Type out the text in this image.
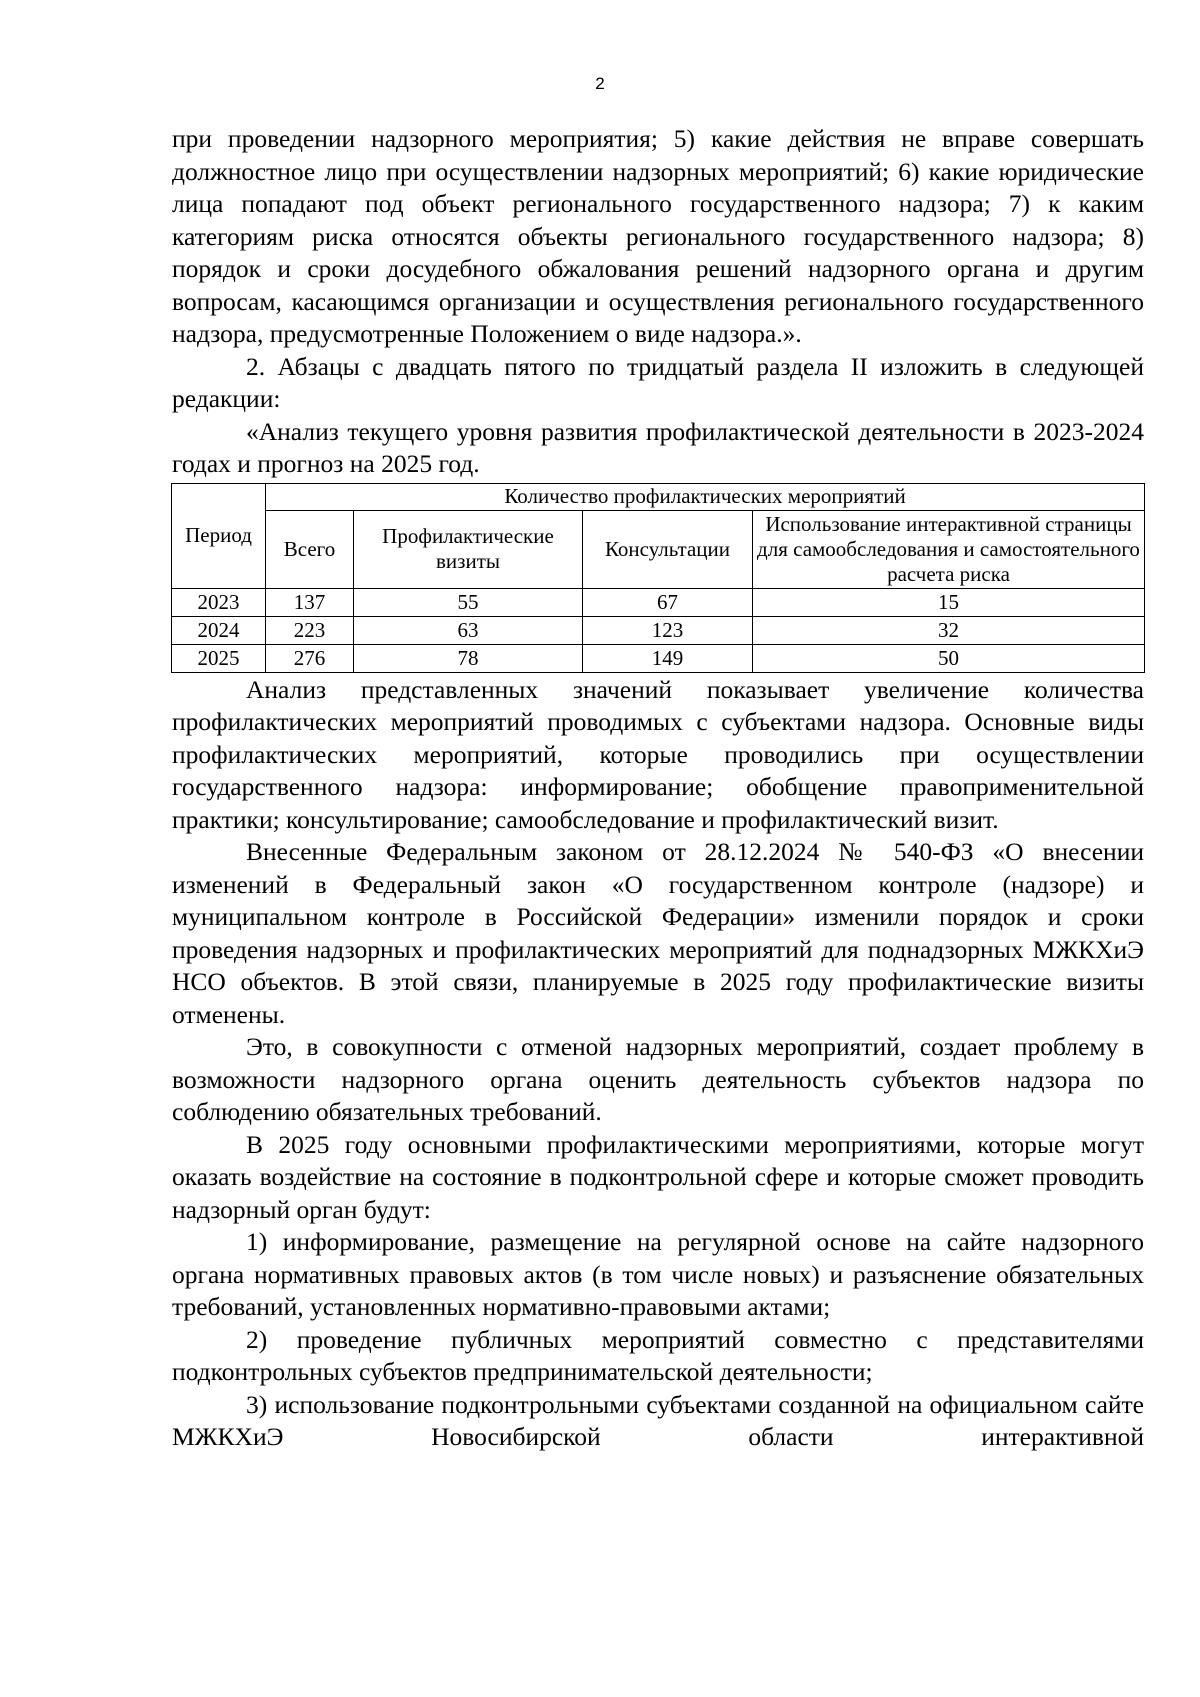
2

при проведении надзорного мероприятия; 5) какие действия не вправе совершать должностное лицо при осуществлении надзорных мероприятий; 6) какие юридические лица попадают под объект регионального государственного надзора; 7) к каким категориям риска относятся объекты регионального государственного надзора; 8) порядок и сроки досудебного обжалования решений надзорного органа и другим вопросам, касающимся организации и осуществления регионального государственного надзора, предусмотренные Положением о виде надзора.».

2. Абзацы с двадцать пятого по тридцатый раздела II изложить в следующей редакции:

«Анализ текущего уровня развития профилактической деятельности в 2023-2024 годах и прогноз на 2025 год.

Период	Количество профилактических мероприятий			
	Всего	Профилактические визиты	Консультации	Использование интерактивной страницы для самообследования и самостоятельного расчета риска
2023	137	55	67	15
2024	223	63	123	32
2025	276	78	149	50

Анализ представленных значений показывает увеличение количества профилактических мероприятий проводимых с субъектами надзора. Основные виды профилактических мероприятий, которые проводились при осуществлении государственного надзора: информирование; обобщение правоприменительной практики; консультирование; самообследование и профилактический визит.

Внесенные Федеральным законом от 28.12.2024 № 540-ФЗ «О внесении изменений в Федеральный закон «О государственном контроле (надзоре) и муниципальном контроле в Российской Федерации» изменили порядок и сроки проведения надзорных и профилактических мероприятий для поднадзорных МЖКХиЭ НСО объектов. В этой связи, планируемые в 2025 году профилактические визиты отменены.

Это, в совокупности с отменой надзорных мероприятий, создает проблему в возможности надзорного органа оценить деятельность субъектов надзора по соблюдению обязательных требований.

В 2025 году основными профилактическими мероприятиями, которые могут оказать воздействие на состояние в подконтрольной сфере и которые сможет проводить надзорный орган будут:

1) информирование, размещение на регулярной основе на сайте надзорного органа нормативных правовых актов (в том числе новых) и разъяснение обязательных требований, установленных нормативно-правовыми актами;

2) проведение публичных мероприятий совместно с представителями подконтрольных субъектов предпринимательской деятельности;

3) использование подконтрольными субъектами созданной на официальном сайте МЖКХиЭ Новосибирской области интерактивной
